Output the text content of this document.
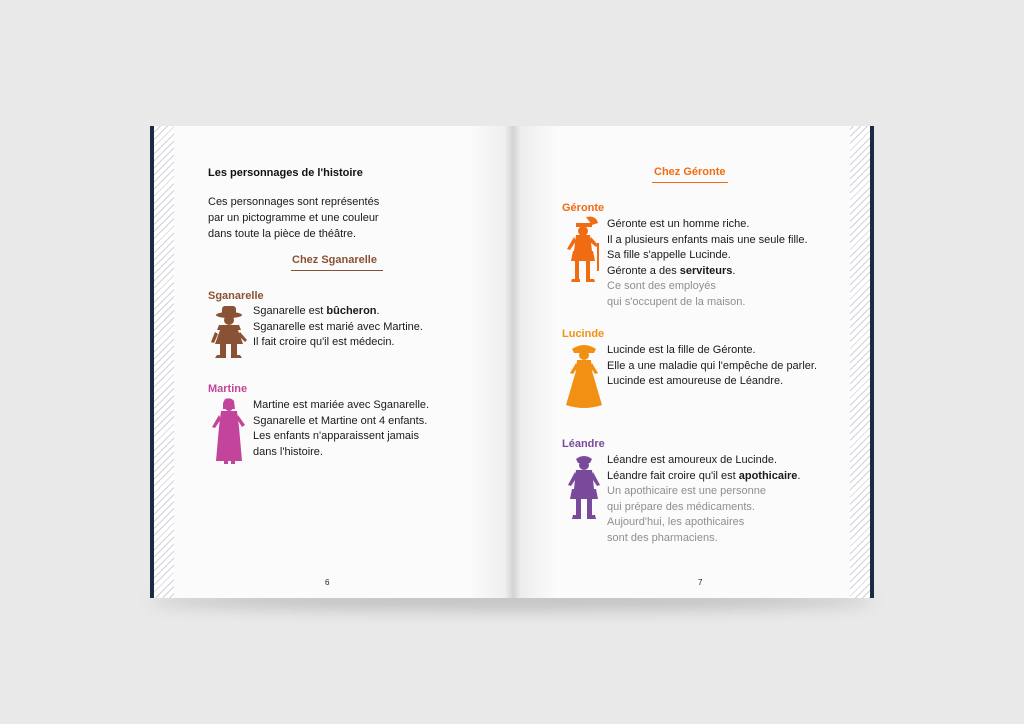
Les personnages de l'histoire
Ces personnages sont représentés
par un pictogramme et une couleur
dans toute la pièce de théâtre.
Chez Sganarelle
Sganarelle
Sganarelle est bûcheron.
Sganarelle est marié avec Martine.
Il fait croire qu'il est médecin.
Martine
Martine est mariée avec Sganarelle.
Sganarelle et Martine ont 4 enfants.
Les enfants n'apparaissent jamais
dans l'histoire.
6
Chez Géronte
Géronte
Géronte est un homme riche.
Il a plusieurs enfants mais une seule fille.
Sa fille s'appelle Lucinde.
Géronte a des serviteurs.
Ce sont des employés
qui s'occupent de la maison.
Lucinde
Lucinde est la fille de Géronte.
Elle a une maladie qui l'empêche de parler.
Lucinde est amoureuse de Léandre.
Léandre
Léandre est amoureux de Lucinde.
Léandre fait croire qu'il est apothicaire.
Un apothicaire est une personne
qui prépare des médicaments.
Aujourd'hui, les apothicaires
sont des pharmaciens.
7
